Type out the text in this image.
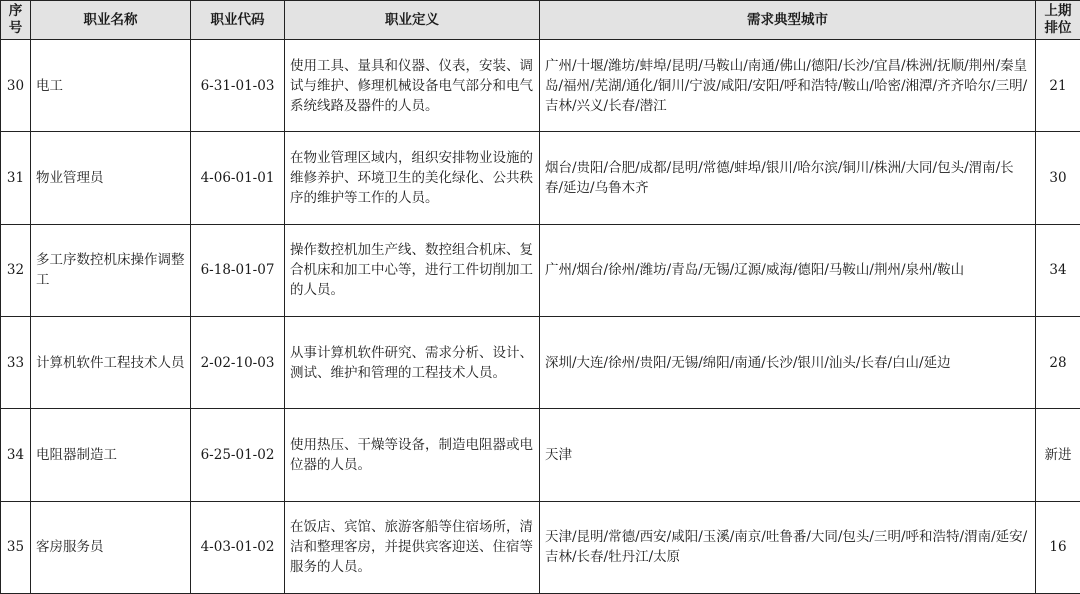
序号	职业名称	职业代码	职业定义	需求典型城市	上期排位

30	电工	6-31-01-03	使用工具、量具和仪器、仪表，安装、调试与维护、修理机械设备电气部分和电气系统线路及器件的人员。	广州/十堰/潍坊/蚌埠/昆明/马鞍山/南通/佛山/德阳/长沙/宜昌/株洲/抚顺/荆州/秦皇岛/福州/芜湖/通化/铜川/宁波/咸阳/安阳/呼和浩特/鞍山/哈密/湘潭/齐齐哈尔/三明/吉林/兴义/长春/潜江	21
31	物业管理员	4-06-01-01	在物业管理区域内，组织安排物业设施的维修养护、环境卫生的美化绿化、公共秩序的维护等工作的人员。	烟台/贵阳/合肥/成都/昆明/常德/蚌埠/银川/哈尔滨/铜川/株洲/大同/包头/渭南/长春/延边/乌鲁木齐	30
32	多工序数控机床操作调整工	6-18-01-07	操作数控机加生产线、数控组合机床、复合机床和加工中心等，进行工件切削加工的人员。	广州/烟台/徐州/潍坊/青岛/无锡/辽源/威海/德阳/马鞍山/荆州/泉州/鞍山	34
33	计算机软件工程技术人员	2-02-10-03	从事计算机软件研究、需求分析、设计、测试、维护和管理的工程技术人员。	深圳/大连/徐州/贵阳/无锡/绵阳/南通/长沙/银川/汕头/长春/白山/延边	28
34	电阻器制造工	6-25-01-02	使用热压、干燥等设备，制造电阻器或电位器的人员。	天津	新进
35	客房服务员	4-03-01-02	在饭店、宾馆、旅游客船等住宿场所，清洁和整理客房，并提供宾客迎送、住宿等服务的人员。	天津/昆明/常德/西安/咸阳/玉溪/南京/吐鲁番/大同/包头/三明/呼和浩特/渭南/延安/吉林/长春/牡丹江/太原	16
